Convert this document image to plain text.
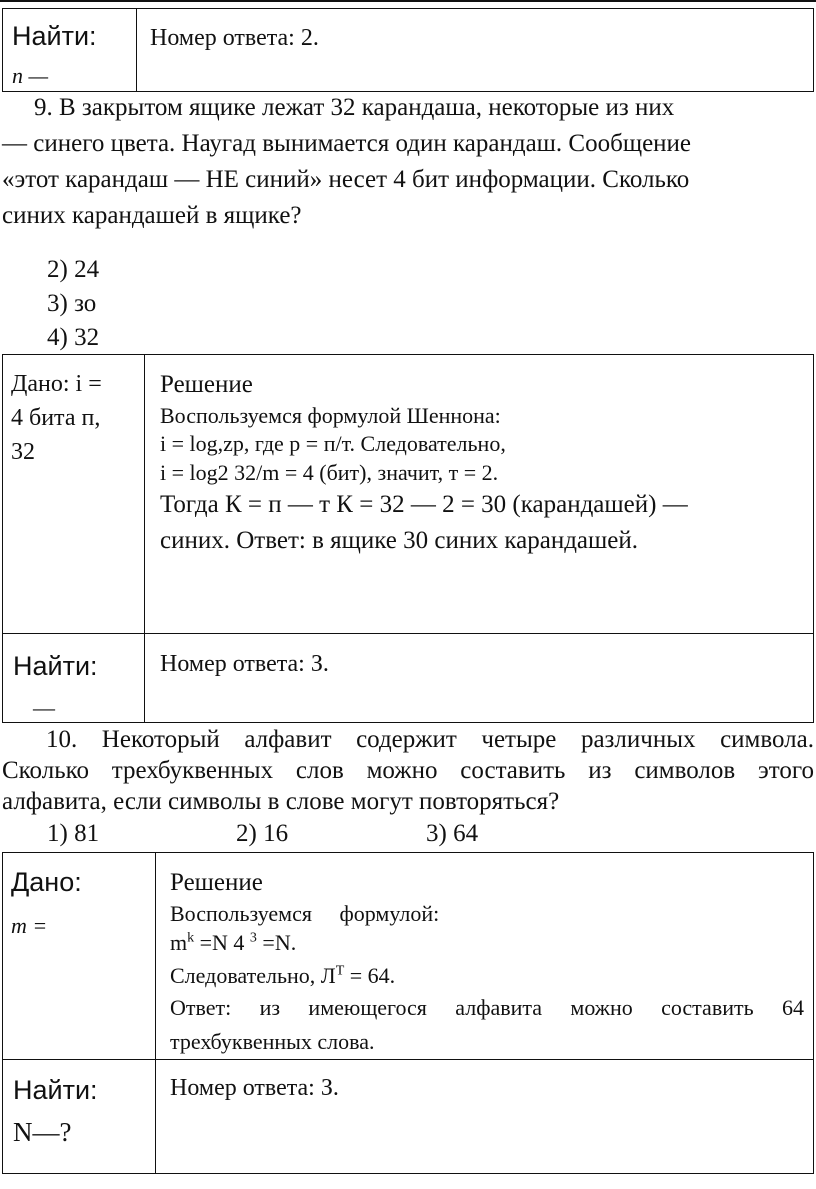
Найти:
n —
Номер ответа: 2.
9. В закрытом ящике лежат 32 карандаша, некоторые из них
— синего цвета. Наугад вынимается один карандаш. Сообщение
«этот карандаш — НЕ синий» несет 4 бит информации. Сколько
синих карандашей в ящике?
2) 24
3) зо
4) 32
Дано: i =
4 бита п,
32
Решение
Воспользуемся формулой Шеннона:
i = log,zp, где р = п/т. Следовательно,
i = log2 32/m = 4 (бит), значит, т = 2.
Тогда К = п — т К = 32 — 2 = 30 (карандашей) —
синих. Ответ: в ящике 30 синих карандашей.
Найти:
—
Номер ответа: З.
10. Некоторый алфавит содержит четыре различных символа.
Сколько трехбуквенных слов можно составить из символов этого
алфавита, если символы в слове могут повторяться?
1) 81	2) 16	3) 64
Дано:
m =
Решение
Воспользуемся     формулой:
$m^k =N$ 4 $^3$ =N.
Следовательно, $Л^Т = 64$.
Ответ: из имеющегося алфавита можно составить 64
трехбуквенных слова.
Найти:
N—?
Номер ответа: З.
